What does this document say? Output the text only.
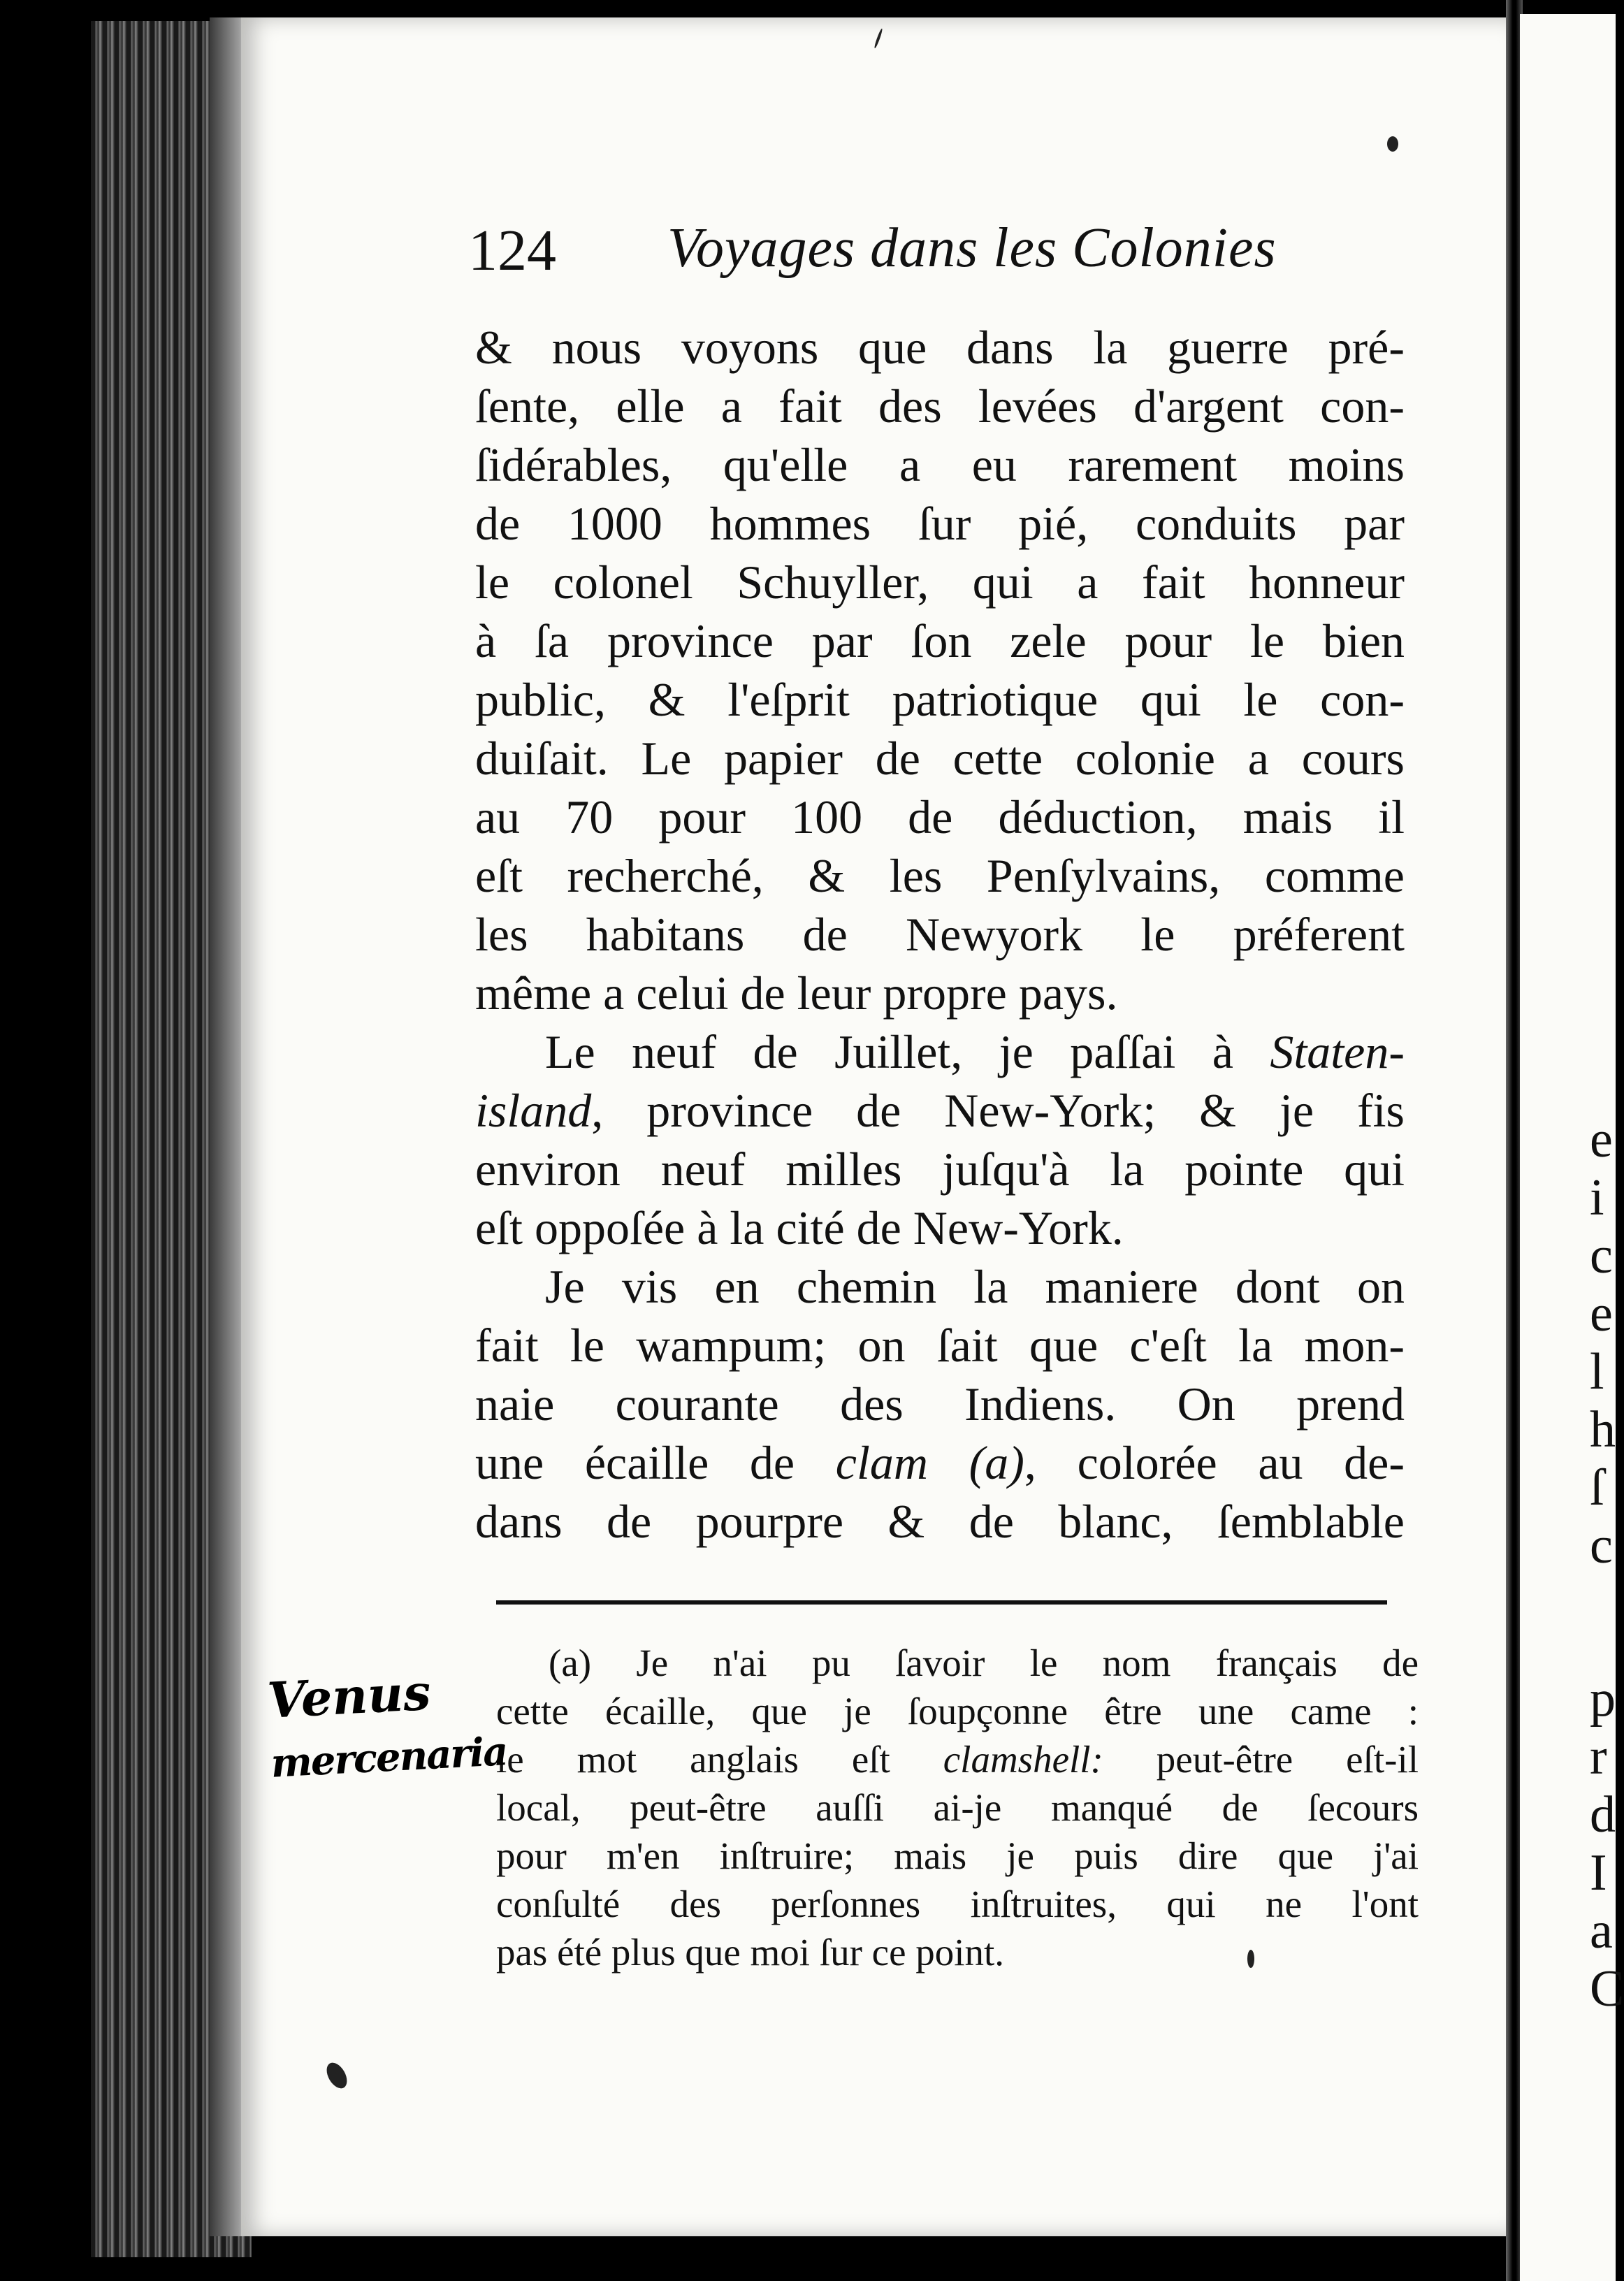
e
i
c
e
l
h
ſ
c
p
r
d
I
a
C
124 Voyages dans les Colonies
& nous voyons que dans la guerre pré-
ſente, elle a fait des levées d'argent con-
ſidérables, qu'elle a eu rarement moins
de 1000 hommes ſur pié, conduits par
le colonel Schuyller, qui a fait honneur
à ſa province par ſon zele pour le bien
public, & l'eſprit patriotique qui le con-
duiſait. Le papier de cette colonie a cours
au 70 pour 100 de déduction, mais il
eſt recherché, & les Penſylvains, comme
les habitans de Newyork le préferent
même a celui de leur propre pays.
Le neuf de Juillet, je paſſai à Staten-
island, province de New-York; & je fis
environ neuf milles juſqu'à la pointe qui
eſt oppoſée à la cité de New-York.
Je vis en chemin la maniere dont on
fait le wampum; on ſait que c'eſt la mon-
naie courante des Indiens. On prend
une écaille de clam (a), colorée au de-
dans de pourpre & de blanc, ſemblable
(a) Je n'ai pu ſavoir le nom français de
cette écaille, que je ſoupçonne être une came :
le mot anglais eſt clamshell: peut-être eſt-il
local, peut-être auſſi ai-je manqué de ſecours
pour m'en inſtruire; mais je puis dire que j'ai
conſulté des perſonnes inſtruites, qui ne l'ont
pas été plus que moi ſur ce point.
Venus
mercenaria
